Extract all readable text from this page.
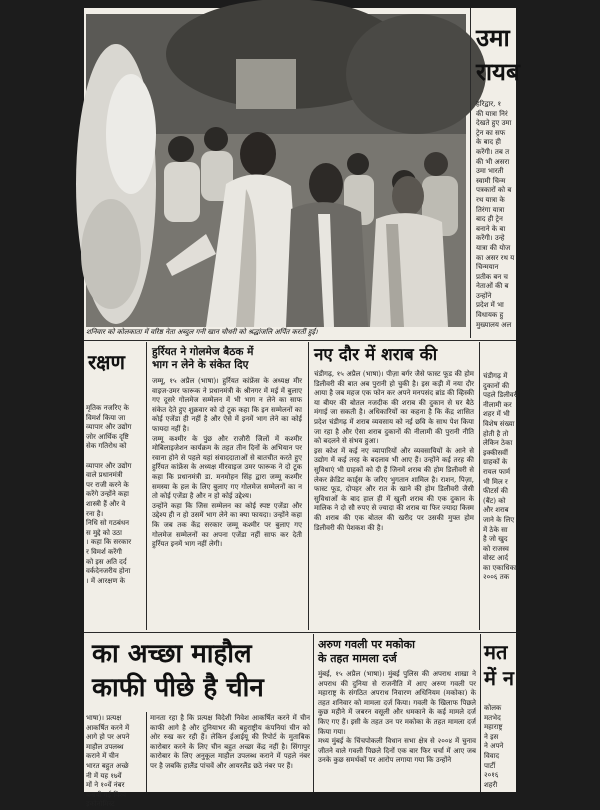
शनिवार को कोलकाता में वरिष्ठ नेता अब्दुल गनी खान चौधरी को श्रद्धांजलि अर्पित करतीं हुईं।
उमा
रायब
हरिद्वार, १
की यात्रा निरं
देखते हुए उमा
ट्रेन का सफ
के बाद ही
करेंगी। तब त
की भी असरा
उमा भारती
स्वामी चिन्म
पत्रकारों को ब
रथ यात्रा के
तिरंगा यात्रा
बाद ही ट्रेन
बनाने के बा
करेंगी। उन्हे
यात्रा की योज
का असर रथ य
चिन्मयान
प्रतीक बन च
नेताओं की ब
उन्होंने
प्रदेश में भा
विधायक हु
मुख्यालय अल
रक्षण
मृतिक नजरिए के
विमर्श किया जा
व्यापार और उद्योग
जोर आर्थिक दृष्टि
सेक गतिरोध को
व्यापार और उद्योग
वाले प्रधानमंत्री
पर राजी करने के
करेंगे उन्होंने कहा
शास्त्री हैं और वे
रना है।
निधि सो गठबंधन
स मुद्दे को उठा
। कहा कि सरकार
र विमर्श करेंगी
को इस अति दर्द
वर्कदेनजरीय होना
। में आरक्षण के
हुर्रियत ने गोलमेज बैठक में
भाग न लेने के संकेत दिए

जम्मू, १५ अप्रैल (भाषा)। हुर्रियत कांफ्रेंस के अध्यक्ष मीर वाइज-उमर फारूक ने प्रधानमंत्री के श्रीनगर में मई में बुलाए गए दूसरे गोलमेज सम्मेलन में भी भाग न लेने का साफ संकेत देते हुए शुक्रवार को दो टूक कहा कि इन सम्मेलनों का कोई एजेंडा ही नहीं है और ऐसे में इनमें भाग लेने का कोई फायदा नहीं है।

जम्मू कश्मीर के पुंछ और राजौरी जिलों में कश्मीर मोबिलाइजेशन कार्यक्रम के तहत तीन दिनों के अभियान पर रवाना होने से पहले यहां संवाददाताओं से बातचीत करते हुए हुर्रियत कांफ्रेंस के अध्यक्ष मीरवाइज उमर फारूक ने दो टूक कहा कि प्रधानमंत्री डा. मनमोहन सिंह द्वारा जम्मू कश्मीर समस्या के हल के लिए बुलाए गए गोलमेज सम्मेलनों का न तो कोई एजेंडा है और न हो कोई उद्देश्य।

उन्होंने कहा कि जिस सम्मेलन का कोई स्पष्ट एजेंडा और उद्देश्य ही न हो उसमें भाग लेने का क्या फायदा। उन्होंने कहा कि जब तक केंद्र सरकार जम्मू कश्मीर पर बुलाए गए गोलमेज सम्मेलनों का अपना एजेंडा नहीं साफ कर देती हुर्रियत इनमें भाग नहीं लेगी।

नए दौर में शराब की

चंडीगढ़, १५ अप्रैल (भाषा)। पीज़ा बर्गर जैसे फास्ट फूड की होम डिलीवरी की बात अब पुरानी हो चुकी है। इस कड़ी में नया दौर आया है जब महज एक फोन कर अपने मनपसंद ब्रांड की व्हिस्की या बीयर की बोतल नजदीक की शराब की दुकान से घर बैठे मंगाई जा सकती है। अधिकारियों का कहना है कि केंद्र शासित प्रदेश चंडीगढ़ में शराब व्यवसाय को नई छवि के साथ पेश किया जा रहा है और ऐसा शराब दुकानों की नीलामी की पुरानी नीति को बदलने से संभव हुआ।

इस कोश में कई नए व्यापारियों और व्यवसायियों के आने से उद्योग में कई तरह के बदलाव भी आए हैं। उन्होंने कई तरह की सुविधाएं भी ग्राहकों को दी हैं जिनमें शराब की होम डिलीवरी से लेकर क्रेडिट कार्ड्स के जरिए भुगतान शामिल है। राशन, पिज़ा, फास्ट फूड, दोपहर और रात के खाने की होम डिलीवरी जैसी सुविधाओं के बाद हाल ही में खुली शराब की एक दुकान के मालिक ने दो सौ रुपए से ज्यादा की शराब या फिर ज्यादा किस्म की शराब की एक बोतल की खरीद पर उसकी मुफ्त होम डिलीवरी की पेशकश की है।

चंडीगढ़ में
दुकानों की
पहले डिलीवरी
नीलामी कर
शहर में भी
विशेष संख्या
होती है तो
लेकिन ठेका
इक्कीसवीं
ग्राहकों के
रायल फार्म
भी मिल र
फीटर्स की
(बैंट) को
और शराब
जाने के लिए
में ठेके सा
है जो खुद
को राजस्व
वोस्ट आर्द
का एकाधिकार
२००६ तक
का अच्छा माहौल
काफी पीछे है चीन
भाषा)। प्रत्यक्ष
आकर्षित करने में
आगे हो पर अपने
माहौल उपलब्ध
कराने में चीन
भारत बहुत अच्छे
नी में यह १७वें
मों ने १०वें नंबर
बनायी गई विश्व
इकोनोमिस्ट
मानता रहा है कि प्रत्यक्ष विदेशी निवेश आकर्षित करने में चीन काफी आगे है और दुनियाभर की बहुराष्ट्रीय कंपनियां चीन को ओर रुख कर रही हैं। लेकिन ईआईयू की रिपोर्ट के मुताबिक कारोबार करने के लिए चीन बहुत अच्छा केंद्र नहीं है। सिंगापुर कारोबार के लिए अनुकूल माहौल उपलब्ध कराने में पहले नंबर पर है जबकि हालैंड पांचवें और आयरलैंड छठे नंबर पर हैं।
अरुण गवली पर मकोका
के तहत मामला दर्ज

मुंबई, १५ अप्रैल (भाषा)। मुंबई पुलिस की अपराध शाखा ने अपराध की दुनिया से राजनीति में आए अरुण गवली पर महाराष्ट्र के संगठित अपराध निवारण अधिनियम (मकोका) के तहत शनिवार को मामला दर्ज किया। गवली के खिलाफ पिछले कुछ महीने में जबरन वसूली और धमकाने के कई मामले दर्ज किए गए हैं। इसी के तहत उन पर मकोका के तहत मामला दर्ज किया गया।

मध्य मुंबई के चिंचपोकली विधान सभा क्षेत्र से २००४ में चुनाव जीतने वाले गवली पिछले दिनों एक बार फिर चर्चा में आए जब उनके कुछ समर्थकों पर आरोप लगाया गया कि उन्होंने

मत
में न
कोलक
मतभेद
महाराष्ट्र
ने इस
ने अपने
विवाद
पार्टी
२०१६
शहरी
